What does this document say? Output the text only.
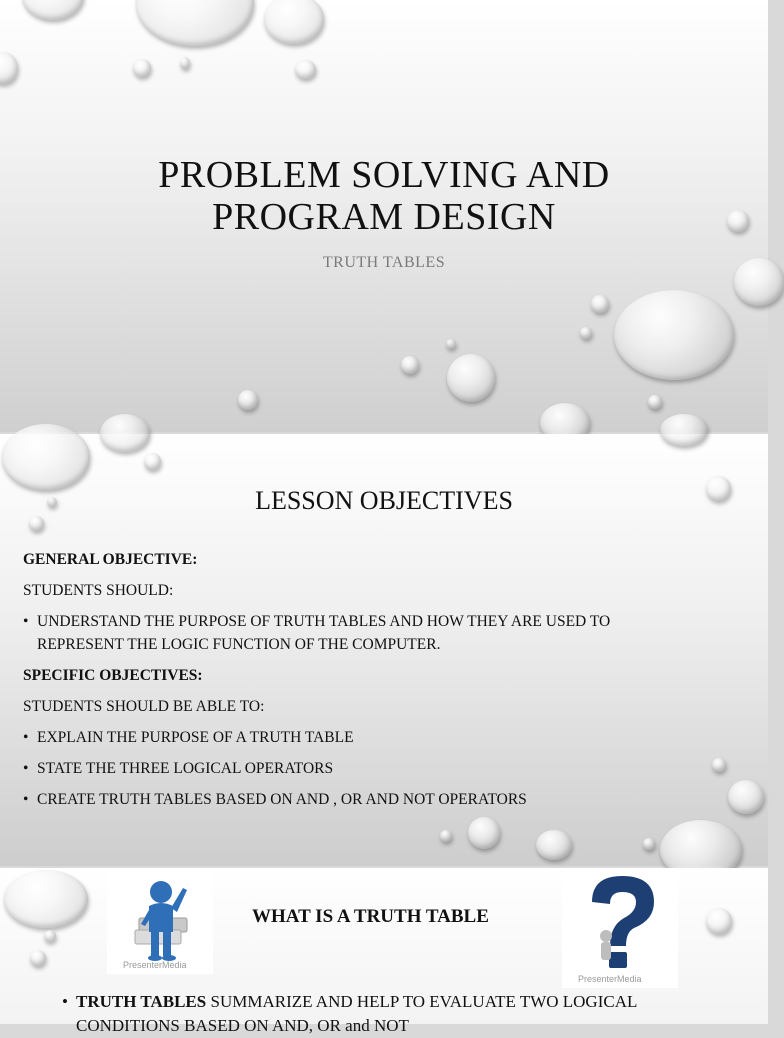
PROBLEM SOLVING AND
PROGRAM DESIGN
TRUTH TABLES
LESSON OBJECTIVES
GENERAL OBJECTIVE:
STUDENTS SHOULD:
• UNDERSTAND THE PURPOSE OF TRUTH TABLES AND HOW THEY ARE USED TO REPRESENT THE LOGIC FUNCTION OF THE COMPUTER.
SPECIFIC OBJECTIVES:
STUDENTS SHOULD BE ABLE TO:
• EXPLAIN THE PURPOSE OF A TRUTH TABLE
• STATE THE THREE LOGICAL OPERATORS
• CREATE TRUTH TABLES BASED ON AND , OR AND NOT OPERATORS
PresenterMedia
WHAT IS A TRUTH TABLE
PresenterMedia
• TRUTH TABLES SUMMARIZE AND HELP TO EVALUATE TWO LOGICAL CONDITIONS BASED ON AND, OR and NOT
